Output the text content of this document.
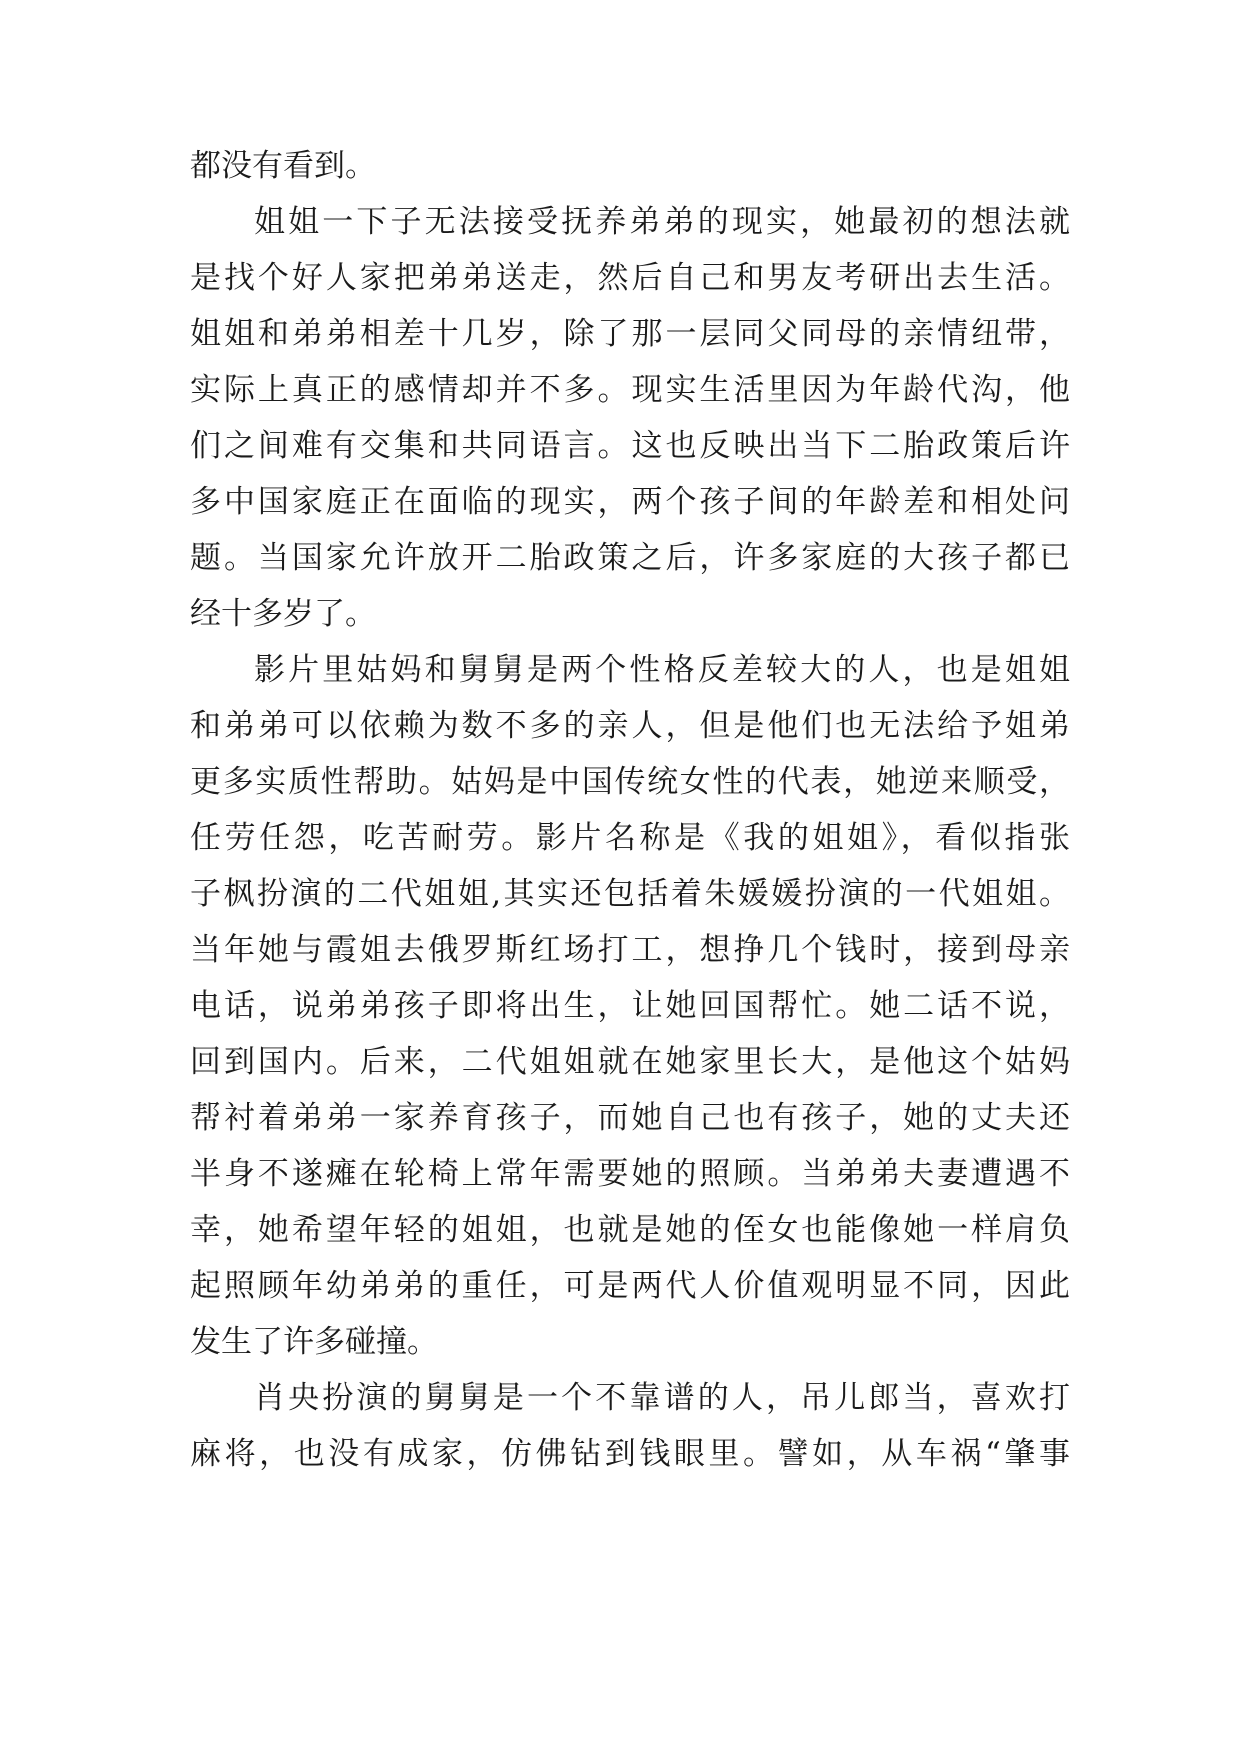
都没有看到。
姐姐一下子无法接受抚养弟弟的现实，她最初的想法就
是找个好人家把弟弟送走，然后自己和男友考研出去生活。
姐姐和弟弟相差十几岁，除了那一层同父同母的亲情纽带，
实际上真正的感情却并不多。现实生活里因为年龄代沟，他
们之间难有交集和共同语言。这也反映出当下二胎政策后许
多中国家庭正在面临的现实，两个孩子间的年龄差和相处问
题。当国家允许放开二胎政策之后，许多家庭的大孩子都已
经十多岁了。
影片里姑妈和舅舅是两个性格反差较大的人，也是姐姐
和弟弟可以依赖为数不多的亲人，但是他们也无法给予姐弟
更多实质性帮助。姑妈是中国传统女性的代表，她逆来顺受，
任劳任怨，吃苦耐劳。影片名称是《我的姐姐》，看似指张
子枫扮演的二代姐姐,其实还包括着朱媛媛扮演的一代姐姐。
当年她与霞姐去俄罗斯红场打工，想挣几个钱时，接到母亲
电话，说弟弟孩子即将出生，让她回国帮忙。她二话不说，
回到国内。后来，二代姐姐就在她家里长大，是他这个姑妈
帮衬着弟弟一家养育孩子，而她自己也有孩子，她的丈夫还
半身不遂瘫在轮椅上常年需要她的照顾。当弟弟夫妻遭遇不
幸，她希望年轻的姐姐，也就是她的侄女也能像她一样肩负
起照顾年幼弟弟的重任，可是两代人价值观明显不同，因此
发生了许多碰撞。
肖央扮演的舅舅是一个不靠谱的人，吊儿郎当，喜欢打
麻将，也没有成家，仿佛钻到钱眼里。譬如，从车祸“肇事
